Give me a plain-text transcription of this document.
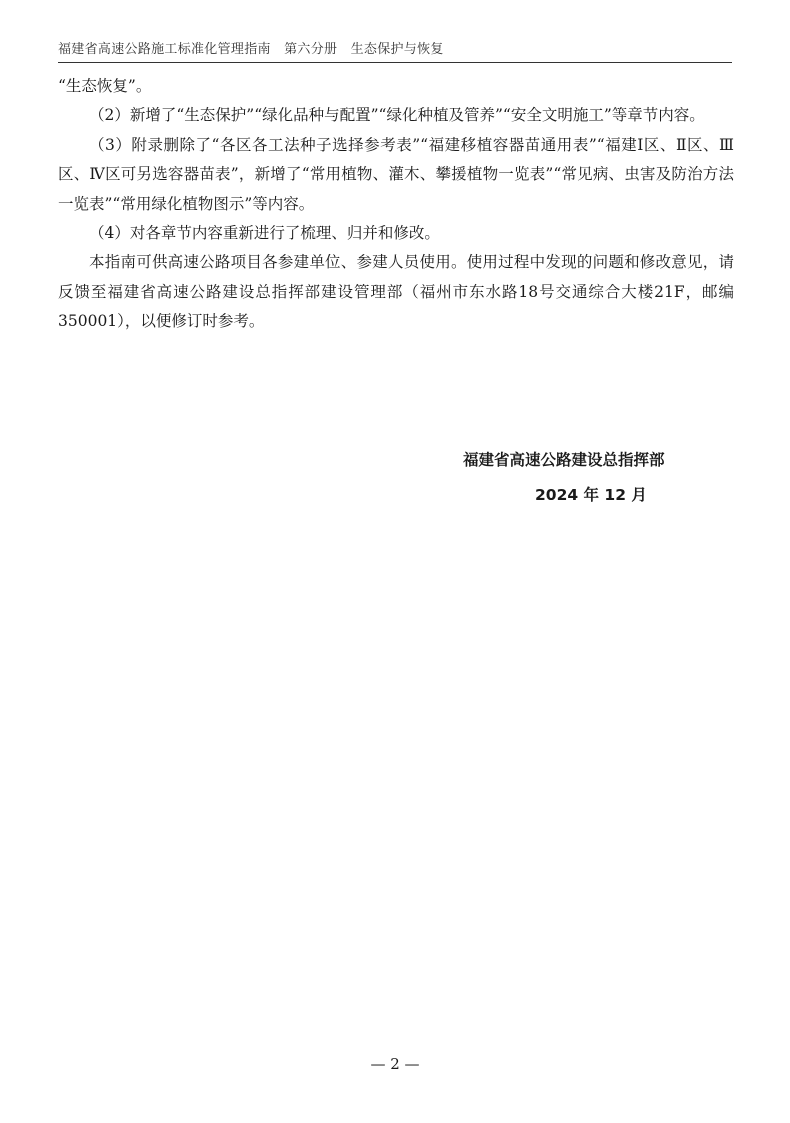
福建省高速公路施工标准化管理指南　第六分册　生态保护与恢复

“生态恢复”。

（2）新增了“生态保护”“绿化品种与配置”“绿化种植及管养”“安全文明施工”等章节内容。

（3）附录删除了“各区各工法种子选择参考表”“福建移植容器苗通用表”“福建Ⅰ区、Ⅱ区、Ⅲ区、Ⅳ区可另选容器苗表”，新增了“常用植物、灌木、攀援植物一览表”“常见病、虫害及防治方法一览表”“常用绿化植物图示”等内容。

（4）对各章节内容重新进行了梳理、归并和修改。

本指南可供高速公路项目各参建单位、参建人员使用。使用过程中发现的问题和修改意见，请反馈至福建省高速公路建设总指挥部建设管理部（福州市东水路18号交通综合大楼21F，邮编350001），以便修订时参考。

福建省高速公路建设总指挥部
2024 年 12 月
— 2 —
